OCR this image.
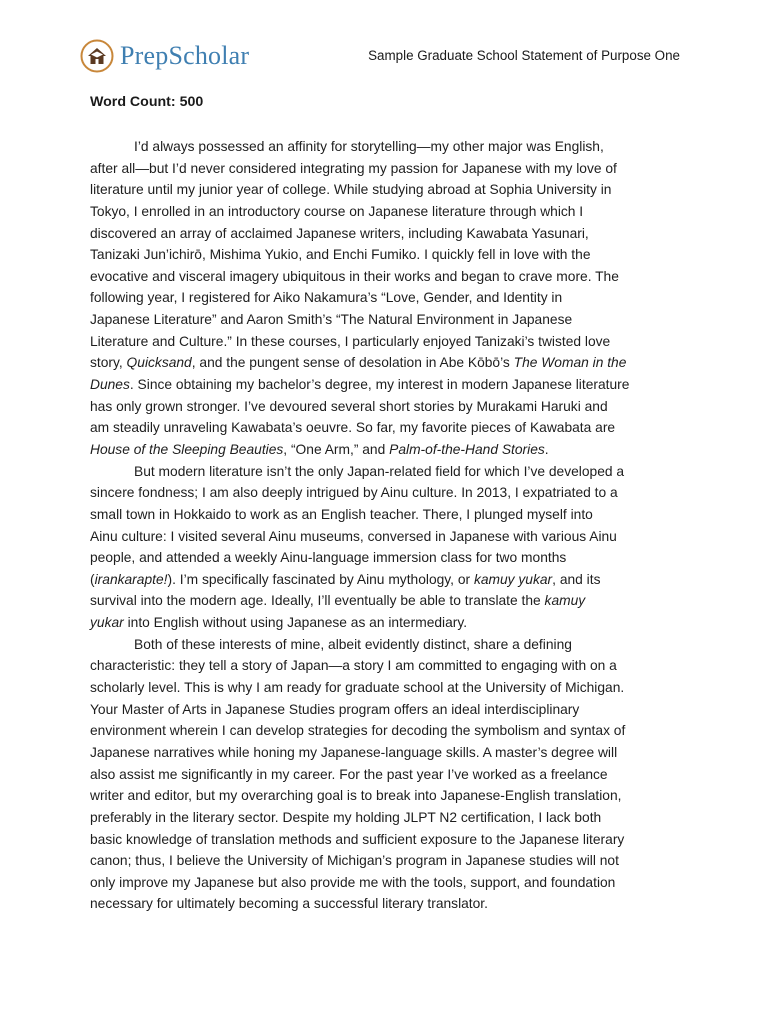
PrepScholar	Sample Graduate School Statement of Purpose One
Word Count: 500
I’d always possessed an affinity for storytelling—my other major was English,
after all—but I’d never considered integrating my passion for Japanese with my love of
literature until my junior year of college. While studying abroad at Sophia University in
Tokyo, I enrolled in an introductory course on Japanese literature through which I
discovered an array of acclaimed Japanese writers, including Kawabata Yasunari,
Tanizaki Jun’ichirō, Mishima Yukio, and Enchi Fumiko. I quickly fell in love with the
evocative and visceral imagery ubiquitous in their works and began to crave more. The
following year, I registered for Aiko Nakamura’s “Love, Gender, and Identity in
Japanese Literature” and Aaron Smith’s “The Natural Environment in Japanese
Literature and Culture.” In these courses, I particularly enjoyed Tanizaki’s twisted love
story, Quicksand, and the pungent sense of desolation in Abe Kōbō’s The Woman in the
Dunes. Since obtaining my bachelor’s degree, my interest in modern Japanese literature
has only grown stronger. I’ve devoured several short stories by Murakami Haruki and
am steadily unraveling Kawabata’s oeuvre. So far, my favorite pieces of Kawabata are
House of the Sleeping Beauties, “One Arm,” and Palm-of-the-Hand Stories.
But modern literature isn’t the only Japan-related field for which I’ve developed a
sincere fondness; I am also deeply intrigued by Ainu culture. In 2013, I expatriated to a
small town in Hokkaido to work as an English teacher. There, I plunged myself into
Ainu culture: I visited several Ainu museums, conversed in Japanese with various Ainu
people, and attended a weekly Ainu-language immersion class for two months
(irankarapte!). I’m specifically fascinated by Ainu mythology, or kamuy yukar, and its
survival into the modern age. Ideally, I’ll eventually be able to translate the kamuy
yukar into English without using Japanese as an intermediary.
Both of these interests of mine, albeit evidently distinct, share a defining
characteristic: they tell a story of Japan—a story I am committed to engaging with on a
scholarly level. This is why I am ready for graduate school at the University of Michigan.
Your Master of Arts in Japanese Studies program offers an ideal interdisciplinary
environment wherein I can develop strategies for decoding the symbolism and syntax of
Japanese narratives while honing my Japanese-language skills. A master’s degree will
also assist me significantly in my career. For the past year I’ve worked as a freelance
writer and editor, but my overarching goal is to break into Japanese-English translation,
preferably in the literary sector. Despite my holding JLPT N2 certification, I lack both
basic knowledge of translation methods and sufficient exposure to the Japanese literary
canon; thus, I believe the University of Michigan’s program in Japanese studies will not
only improve my Japanese but also provide me with the tools, support, and foundation
necessary for ultimately becoming a successful literary translator.
